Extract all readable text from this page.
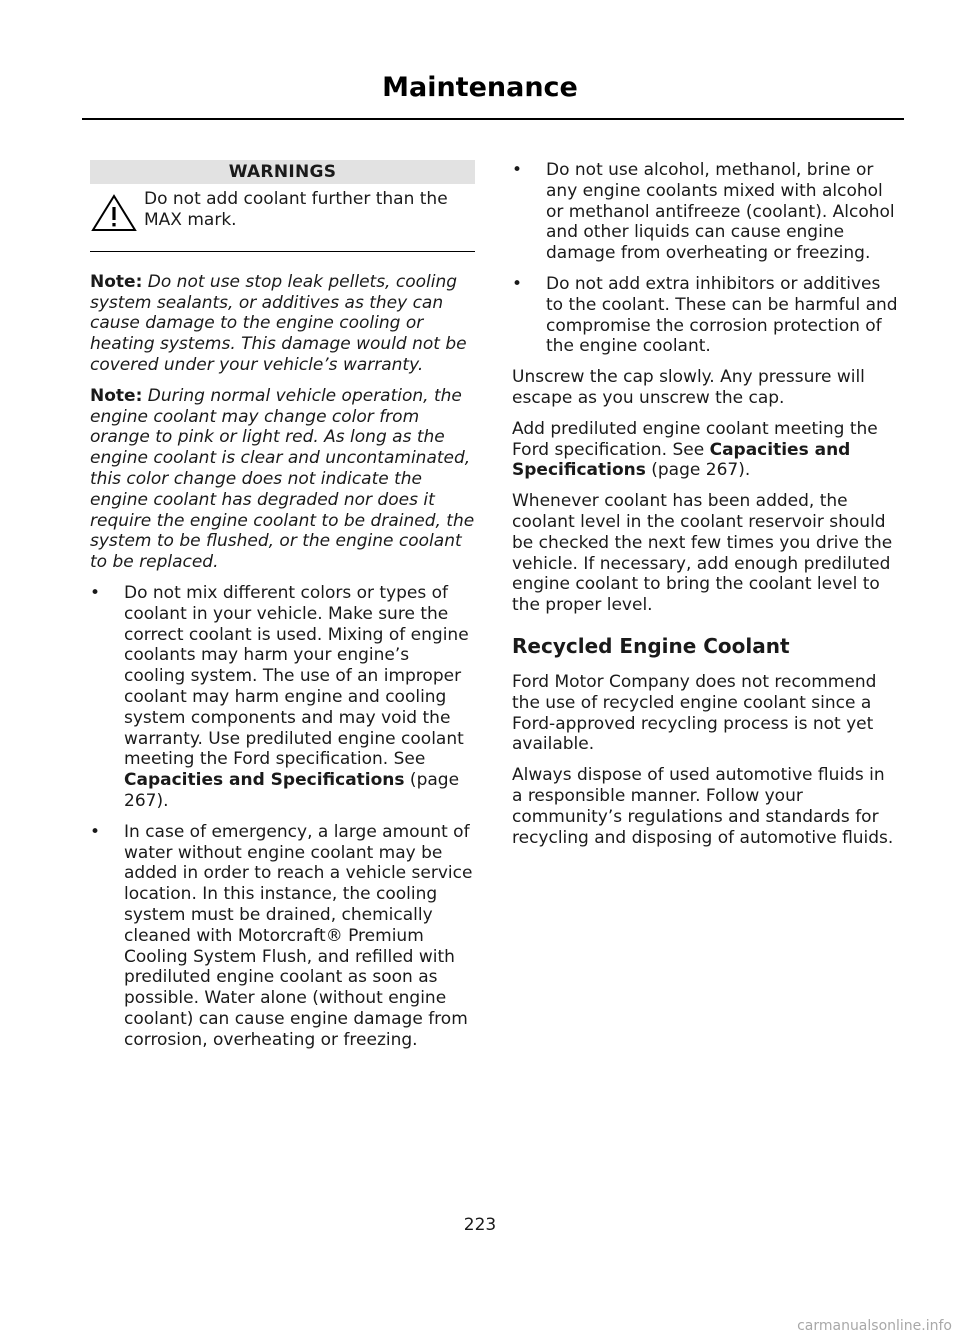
Maintenance
WARNINGS
Do not add coolant further than the MAX mark.

Note: Do not use stop leak pellets, cooling system sealants, or additives as they can cause damage to the engine cooling or heating systems. This damage would not be covered under your vehicle’s warranty.

Note: During normal vehicle operation, the engine coolant may change color from orange to pink or light red. As long as the engine coolant is clear and uncontaminated, this color change does not indicate the engine coolant has degraded nor does it require the engine coolant to be drained, the system to be flushed, or the engine coolant to be replaced.

• Do not mix different colors or types of coolant in your vehicle. Make sure the correct coolant is used. Mixing of engine coolants may harm your engine’s cooling system. The use of an improper coolant may harm engine and cooling system components and may void the warranty. Use prediluted engine coolant meeting the Ford specification. See Capacities and Specifications (page 267).
• In case of emergency, a large amount of water without engine coolant may be added in order to reach a vehicle service location. In this instance, the cooling system must be drained, chemically cleaned with Motorcraft® Premium Cooling System Flush, and refilled with prediluted engine coolant as soon as possible. Water alone (without engine coolant) can cause engine damage from corrosion, overheating or freezing.
• Do not use alcohol, methanol, brine or any engine coolants mixed with alcohol or methanol antifreeze (coolant). Alcohol and other liquids can cause engine damage from overheating or freezing.
• Do not add extra inhibitors or additives to the coolant. These can be harmful and compromise the corrosion protection of the engine coolant.

Unscrew the cap slowly. Any pressure will escape as you unscrew the cap.

Add prediluted engine coolant meeting the Ford specification. See Capacities and Specifications (page 267).

Whenever coolant has been added, the coolant level in the coolant reservoir should be checked the next few times you drive the vehicle. If necessary, add enough prediluted engine coolant to bring the coolant level to the proper level.

Recycled Engine Coolant

Ford Motor Company does not recommend the use of recycled engine coolant since a Ford-approved recycling process is not yet available.

Always dispose of used automotive fluids in a responsible manner. Follow your community’s regulations and standards for recycling and disposing of automotive fluids.

223
carmanualsonline.info
